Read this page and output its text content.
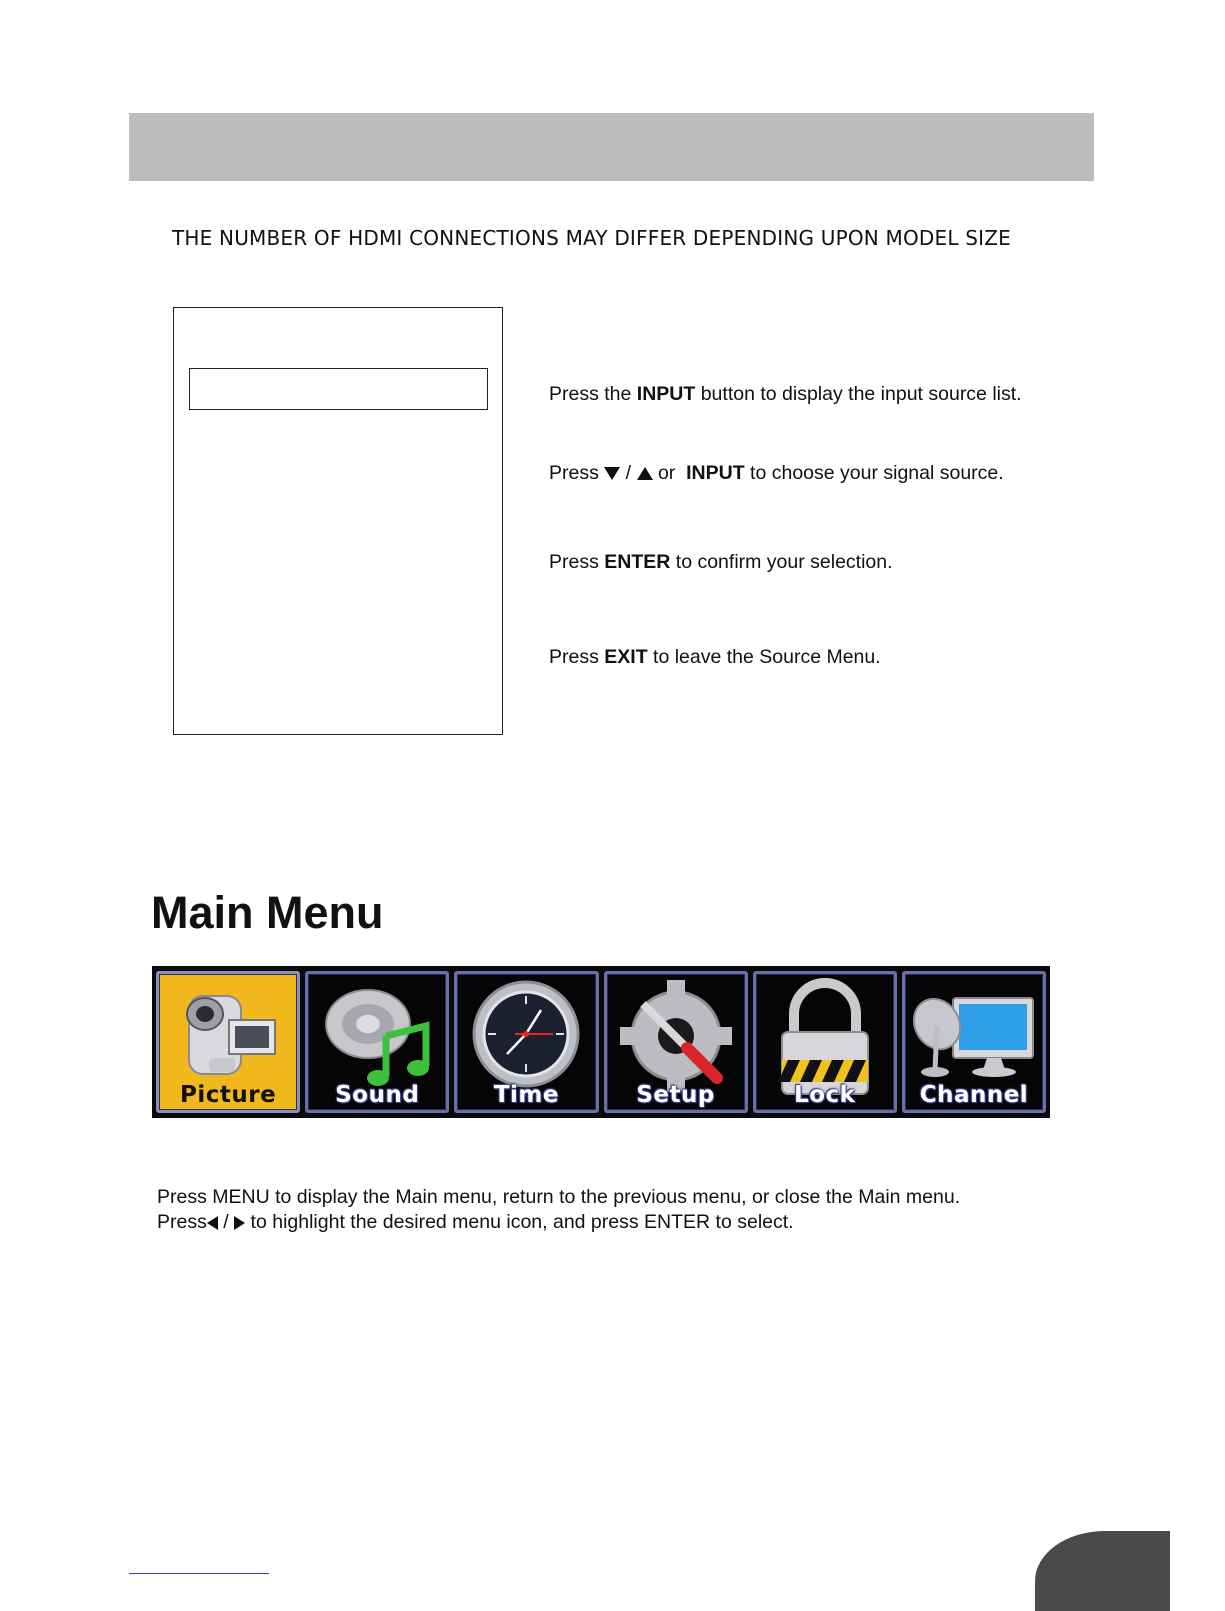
THE NUMBER OF HDMI CONNECTIONS MAY DIFFER DEPENDING UPON MODEL SIZE
Press the INPUT button to display the input source list.
Press  /  or  INPUT to choose your signal source.
Press ENTER to confirm your selection.
Press EXIT to leave the Source Menu.
Main Menu
Picture	Sound	Time	Setup	Lock	Channel
Press MENU to display the Main menu, return to the previous menu, or close the Main menu.
Press /  to highlight the desired menu icon, and press ENTER to select.
